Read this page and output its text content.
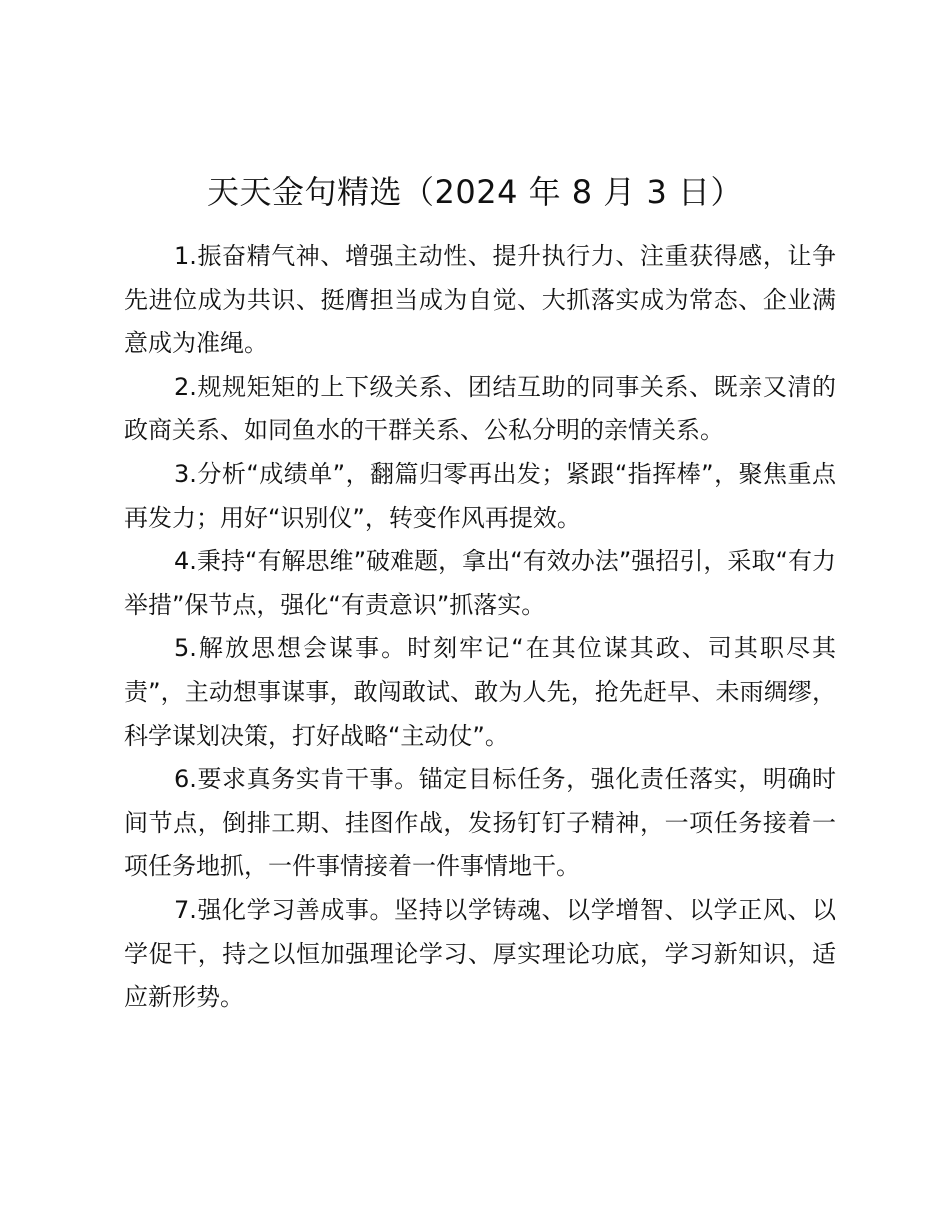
天天金句精选（2024 年 8 月 3 日）

1.振奋精气神、增强主动性、提升执行力、注重获得感，让争先进位成为共识、挺膺担当成为自觉、大抓落实成为常态、企业满意成为准绳。

2.规规矩矩的上下级关系、团结互助的同事关系、既亲又清的政商关系、如同鱼水的干群关系、公私分明的亲情关系。

3.分析“成绩单”，翻篇归零再出发；紧跟“指挥棒”，聚焦重点再发力；用好“识别仪”，转变作风再提效。

4.秉持“有解思维”破难题，拿出“有效办法”强招引，采取“有力举措”保节点，强化“有责意识”抓落实。

5.解放思想会谋事。时刻牢记“在其位谋其政、司其职尽其责”，主动想事谋事，敢闯敢试、敢为人先，抢先赶早、未雨绸缪，科学谋划决策，打好战略“主动仗”。

6.要求真务实肯干事。锚定目标任务，强化责任落实，明确时间节点，倒排工期、挂图作战，发扬钉钉子精神，一项任务接着一项任务地抓，一件事情接着一件事情地干。

7.强化学习善成事。坚持以学铸魂、以学增智、以学正风、以学促干，持之以恒加强理论学习、厚实理论功底，学习新知识，适应新形势。
